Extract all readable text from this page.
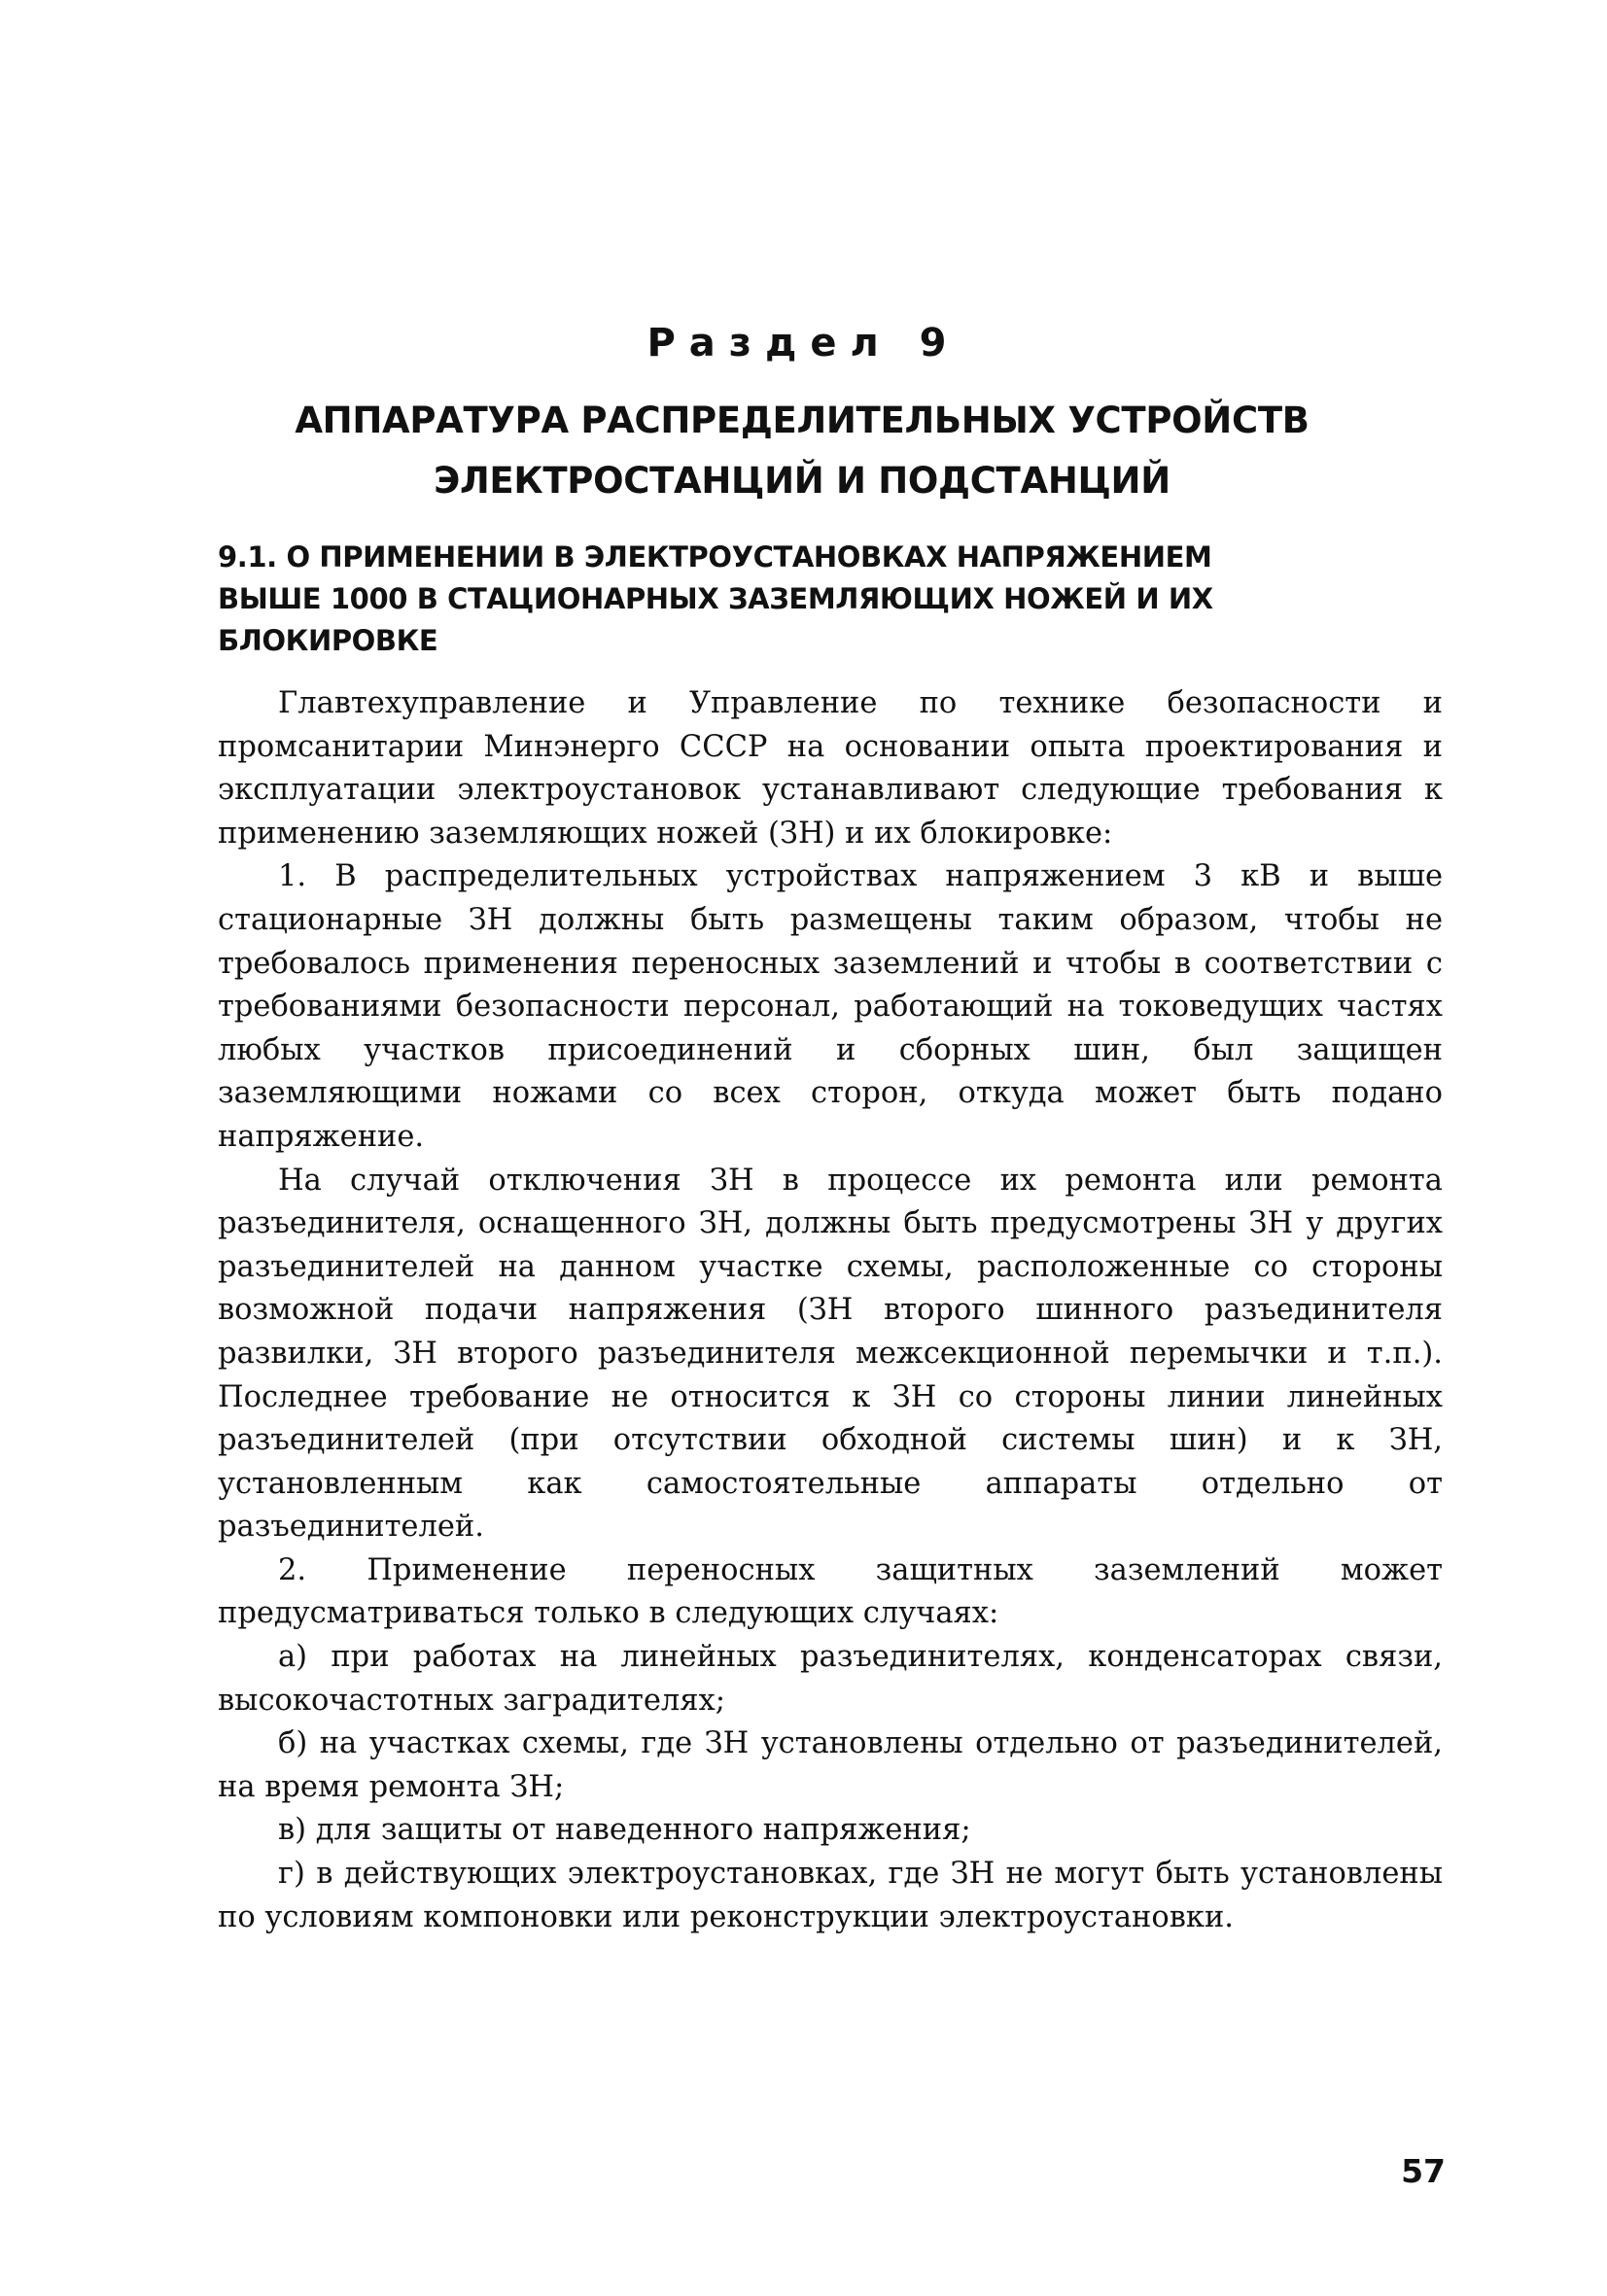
Раздел 9
АППАРАТУРА РАСПРЕДЕЛИТЕЛЬНЫХ УСТРОЙСТВ
ЭЛЕКТРОСТАНЦИЙ И ПОДСТАНЦИЙ
9.1. О ПРИМЕНЕНИИ В ЭЛЕКТРОУСТАНОВКАХ НАПРЯЖЕНИЕМ
ВЫШЕ 1000 В СТАЦИОНАРНЫХ ЗАЗЕМЛЯЮЩИХ НОЖЕЙ И ИХ
БЛОКИРОВКЕ

Главтехуправление и Управление по технике безопасности и промсанитарии Минэнерго СССР на основании опыта проектирования и эксплуатации электроустановок устанавливают следующие требования к применению заземляющих ножей (ЗН) и их блокировке:

1. В распределительных устройствах напряжением 3 кВ и выше стационарные ЗН должны быть размещены таким образом, чтобы не требовалось применения переносных заземлений и чтобы в соответствии с требованиями безопасности персонал, работающий на токоведущих частях любых участков присоединений и сборных шин, был защищен заземляющими ножами со всех сторон, откуда может быть подано напряжение.

На случай отключения ЗН в процессе их ремонта или ремонта разъединителя, оснащенного ЗН, должны быть предусмотрены ЗН у других разъединителей на данном участке схемы, расположенные со стороны возможной подачи напряжения (ЗН второго шинного разъединителя развилки, ЗН второго разъединителя межсекционной перемычки и т.п.). Последнее требование не относится к ЗН со стороны линии линейных разъединителей (при отсутствии обходной системы шин) и к ЗН, установленным как самостоятельные аппараты отдельно от разъединителей.

2. Применение переносных защитных заземлений может предусматриваться только в следующих случаях:

а) при работах на линейных разъединителях, конденсаторах связи, высокочастотных заградителях;

б) на участках схемы, где ЗН установлены отдельно от разъединителей, на время ремонта ЗН;

в) для защиты от наведенного напряжения;

г) в действующих электроустановках, где ЗН не могут быть установлены по условиям компоновки или реконструкции электроустановки.

57
